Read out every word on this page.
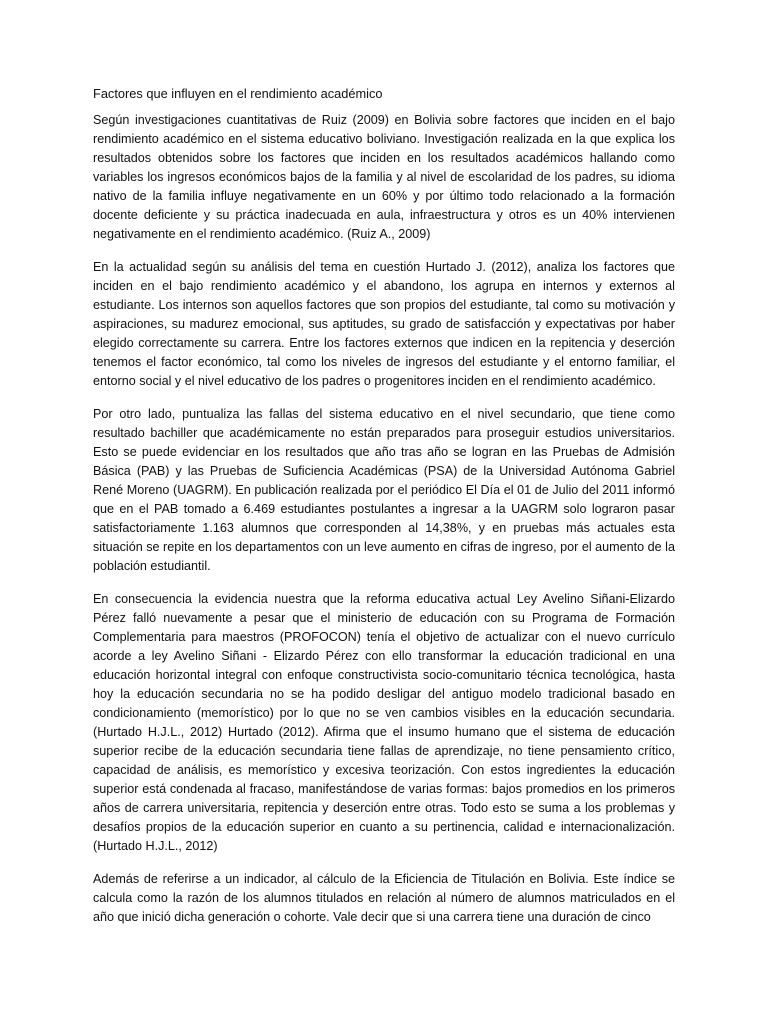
Factores que influyen en el rendimiento académico

Según investigaciones cuantitativas de Ruiz (2009) en Bolivia sobre factores que inciden en el bajo rendimiento académico en el sistema educativo boliviano. Investigación realizada en la que explica los resultados obtenidos sobre los factores que inciden en los resultados académicos hallando como variables los ingresos económicos bajos de la familia y al nivel de escolaridad de los padres, su idioma nativo de la familia influye negativamente en un 60% y por último todo relacionado a la formación docente deficiente y su práctica inadecuada en aula, infraestructura y otros es un 40% intervienen negativamente en el rendimiento académico. (Ruiz A., 2009)

En la actualidad según su análisis del tema en cuestión Hurtado J. (2012), analiza los factores que inciden en el bajo rendimiento académico y el abandono, los agrupa en internos y externos al estudiante. Los internos son aquellos factores que son propios del estudiante, tal como su motivación y aspiraciones, su madurez emocional, sus aptitudes, su grado de satisfacción y expectativas por haber elegido correctamente su carrera. Entre los factores externos que indicen en la repitencia y deserción tenemos el factor económico, tal como los niveles de ingresos del estudiante y el entorno familiar, el entorno social y el nivel educativo de los padres o progenitores inciden en el rendimiento académico.

Por otro lado, puntualiza las fallas del sistema educativo en el nivel secundario, que tiene como resultado bachiller que académicamente no están preparados para proseguir estudios universitarios. Esto se puede evidenciar en los resultados que año tras año se logran en las Pruebas de Admisión Básica (PAB) y las Pruebas de Suficiencia Académicas (PSA) de la Universidad Autónoma Gabriel René Moreno (UAGRM). En publicación realizada por el periódico El Día el 01 de Julio del 2011 informó que en el PAB tomado a 6.469 estudiantes postulantes a ingresar a la UAGRM solo lograron pasar satisfactoriamente 1.163 alumnos que corresponden al 14,38%, y en pruebas más actuales esta situación se repite en los departamentos con un leve aumento en cifras de ingreso, por el aumento de la población estudiantil.

En consecuencia la evidencia nuestra que la reforma educativa actual Ley Avelino Siñani-Elizardo Pérez falló nuevamente a pesar que el ministerio de educación con su Programa de Formación Complementaria para maestros (PROFOCON) tenía el objetivo de actualizar con el nuevo currículo acorde a ley Avelino Siñani - Elizardo Pérez con ello transformar la educación tradicional en una educación horizontal integral con enfoque constructivista socio-comunitario técnica tecnológica, hasta hoy la educación secundaria no se ha podido desligar del antiguo modelo tradicional basado en condicionamiento (memorístico) por lo que no se ven cambios visibles en la educación secundaria. (Hurtado H.J.L., 2012) Hurtado (2012). Afirma que el insumo humano que el sistema de educación superior recibe de la educación secundaria tiene fallas de aprendizaje, no tiene pensamiento crítico, capacidad de análisis, es memorístico y excesiva teorización. Con estos ingredientes la educación superior está condenada al fracaso, manifestándose de varias formas: bajos promedios en los primeros años de carrera universitaria, repitencia y deserción entre otras. Todo esto se suma a los problemas y desafíos propios de la educación superior en cuanto a su pertinencia, calidad e internacionalización. (Hurtado H.J.L., 2012)

Además de referirse a un indicador, al cálculo de la Eficiencia de Titulación en Bolivia. Este índice se calcula como la razón de los alumnos titulados en relación al número de alumnos matriculados en el año que inició dicha generación o cohorte. Vale decir que si una carrera tiene una duración de cinco
